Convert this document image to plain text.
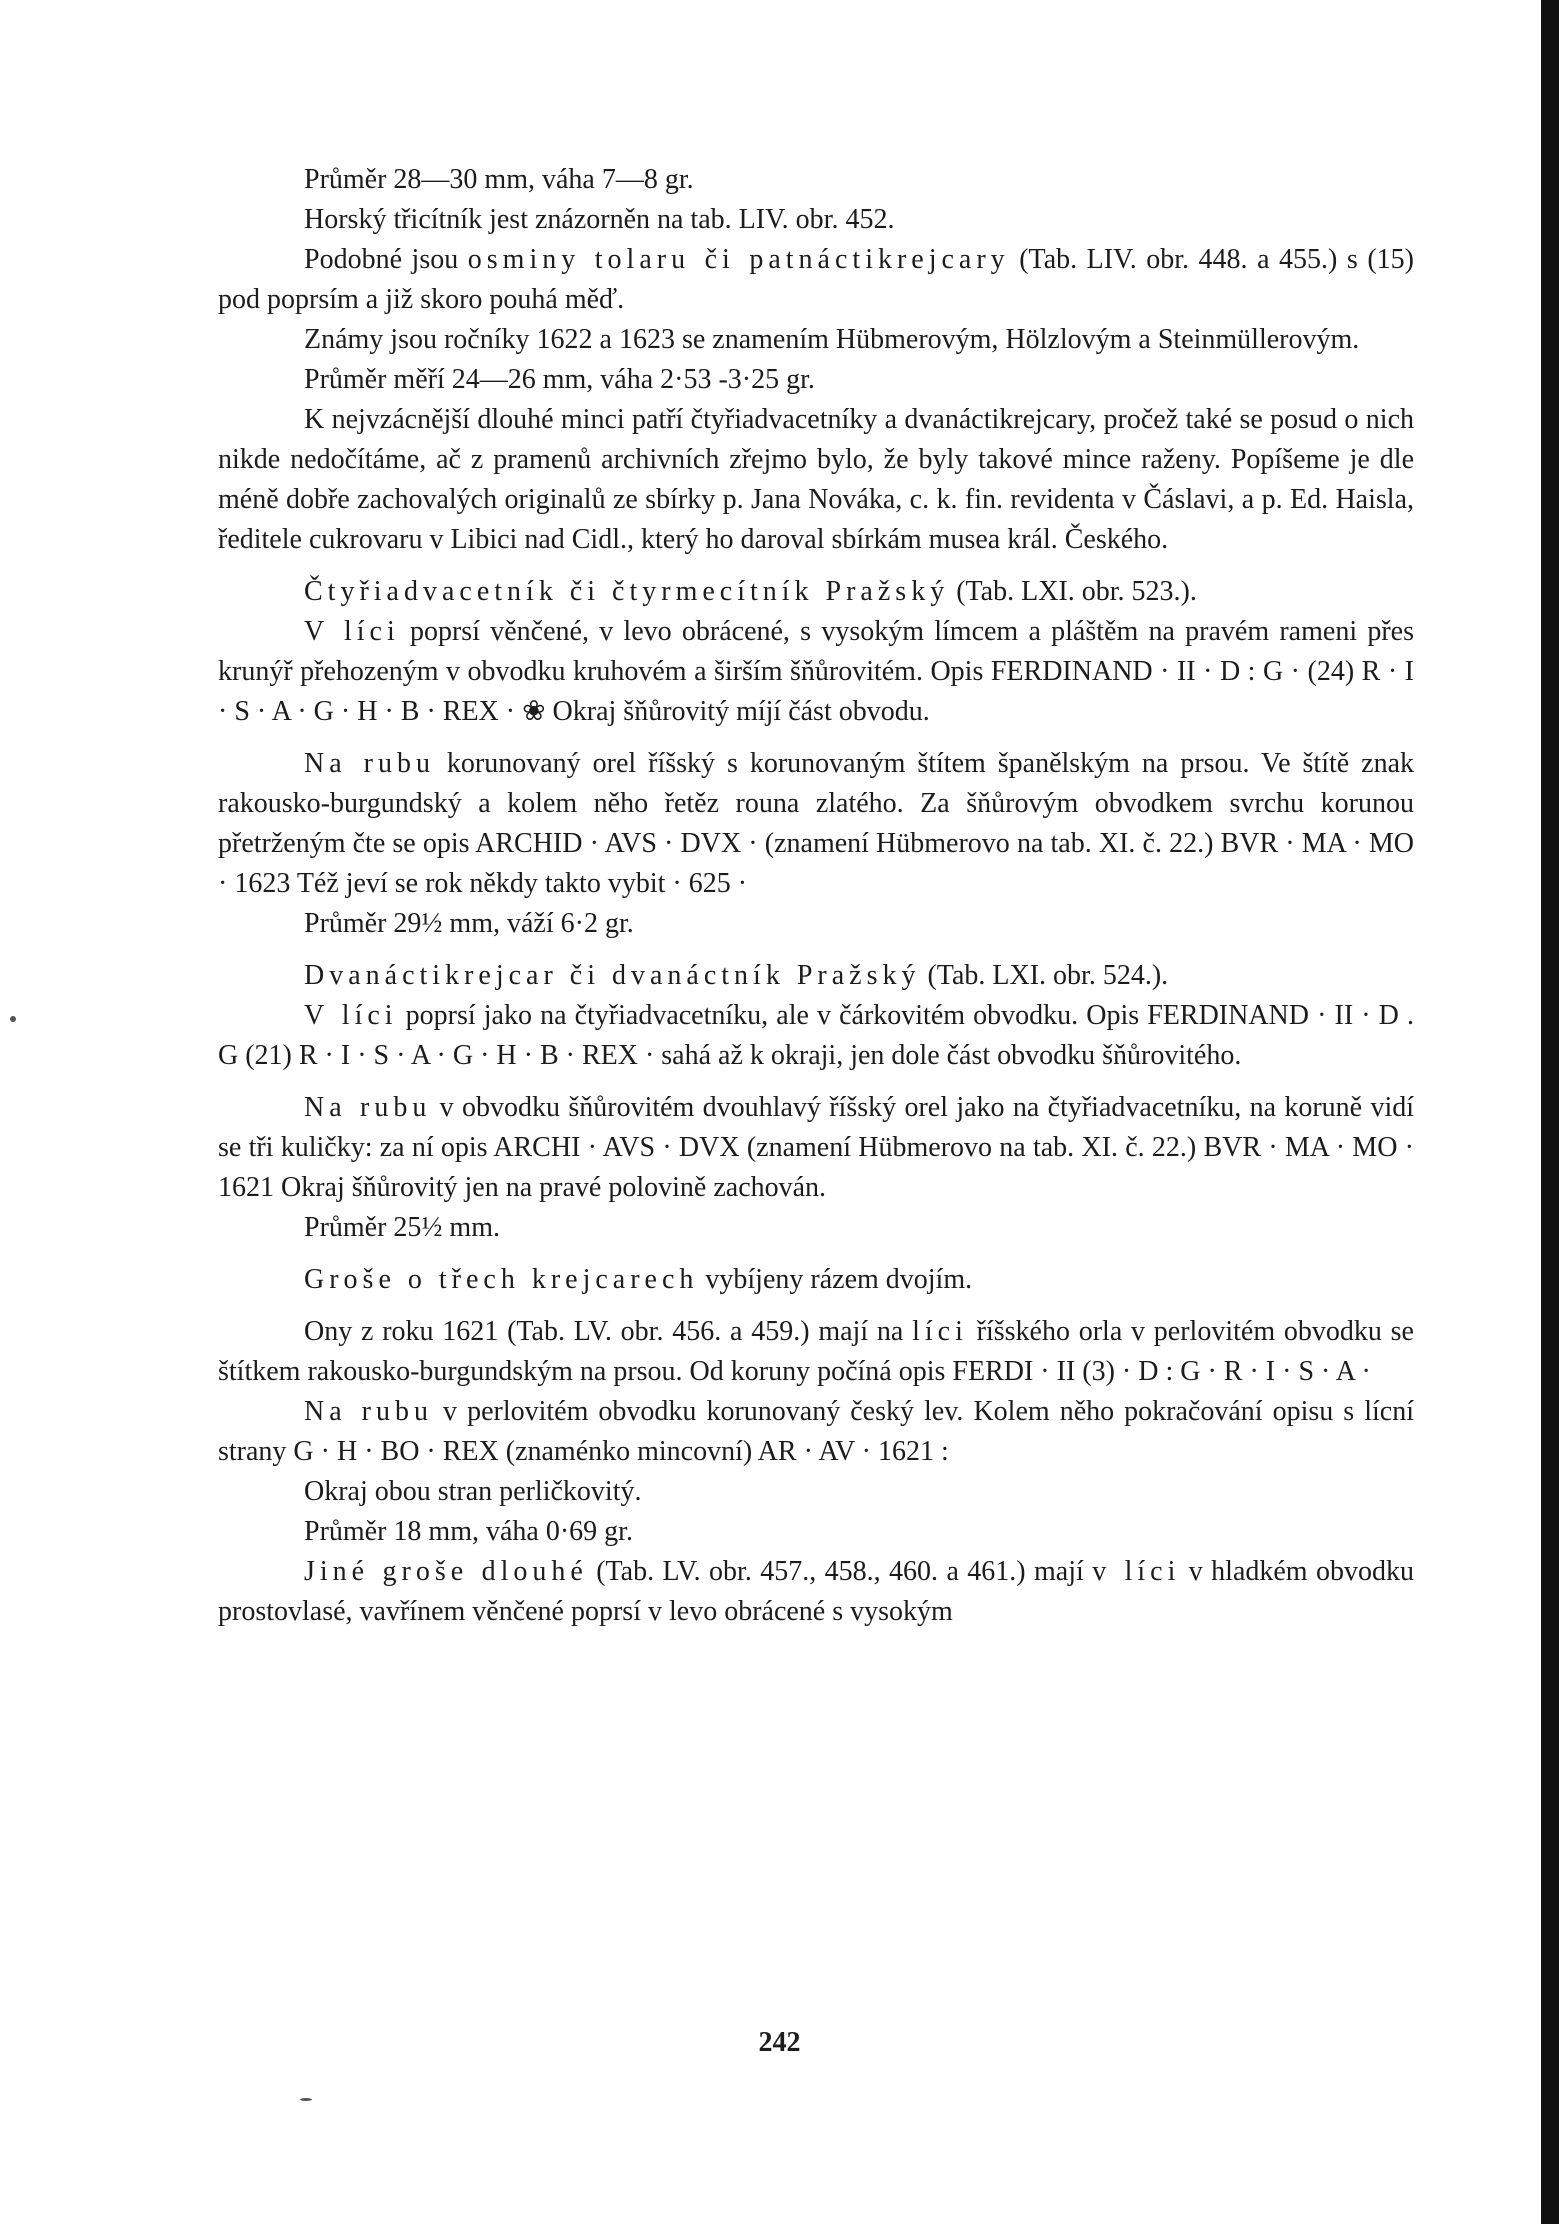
Průměr 28—30 mm, váha 7—8 gr.

Horský třicítník jest znázorněn na tab. LIV. obr. 452.

Podobné jsou osminy tolaru či patnáctikrejcary (Tab. LIV. obr. 448. a 455.) s (15) pod poprsím a již skoro pouhá měď.

Známy jsou ročníky 1622 a 1623 se znamením Hübmerovým, Hölzlovým a Steinmüllerovým.

Průměr měří 24—26 mm, váha 2·53 -3·25 gr.

K nejvzácnější dlouhé minci patří čtyřiadvacetníky a dvanáctikrejcary, pročež také se posud o nich nikde nedočítáme, ač z pramenů archivních zřejmo bylo, že byly takové mince raženy. Popíšeme je dle méně dobře zachovalých originalů ze sbírky p. Jana Nováka, c. k. fin. revidenta v Čáslavi, a p. Ed. Haisla, ředitele cukrovaru v Libici nad Cidl., který ho daroval sbírkám musea král. Českého.

Čtyřiadvacetník či čtyrmecítník Pražský (Tab. LXI. obr. 523.).

V líci poprsí věnčené, v levo obrácené, s vysokým límcem a pláštěm na pravém rameni přes krunýř přehozeným v obvodku kruhovém a širším šňůrovitém. Opis FERDINAND · II · D : G · (24) R · I · S · A · G · H · B · REX · ❀ Okraj šňůrovitý míjí část obvodu.

Na rubu korunovaný orel říšský s korunovaným štítem španělským na prsou. Ve štítě znak rakousko-burgundský a kolem něho řetěz rouna zlatého. Za šňůrovým obvodkem svrchu korunou přetrženým čte se opis ARCHID · AVS · DVX · (znamení Hübmerovo na tab. XI. č. 22.) BVR · MA · MO · 1623 Též jeví se rok někdy takto vybit · 625 ·

Průměr 29½ mm, váží 6·2 gr.

Dvanáctikrejcar či dvanáctník Pražský (Tab. LXI. obr. 524.).

V líci poprsí jako na čtyřiadvacetníku, ale v čárkovitém obvodku. Opis FERDINAND · II · D . G (21) R · I · S · A · G · H · B · REX · sahá až k okraji, jen dole část obvodku šňůrovitého.

Na rubu v obvodku šňůrovitém dvouhlavý říšský orel jako na čtyřiadvacetníku, na koruně vidí se tři kuličky: za ní opis ARCHI · AVS · DVX (znamení Hübmerovo na tab. XI. č. 22.) BVR · MA · MO · 1621 Okraj šňůrovitý jen na pravé polovině zachován.

Průměr 25½ mm.

Groše o třech krejcarech vybíjeny rázem dvojím.

Ony z roku 1621 (Tab. LV. obr. 456. a 459.) mají na líci říšského orla v perlovitém obvodku se štítkem rakousko-burgundským na prsou. Od koruny počíná opis FERDI · II (3) · D : G · R · I · S · A ·

Na rubu v perlovitém obvodku korunovaný český lev. Kolem něho pokračování opisu s lícní strany G · H · BO · REX (znaménko mincovní) AR · AV · 1621 :

Okraj obou stran perličkovitý.

Průměr 18 mm, váha 0·69 gr.

Jiné groše dlouhé (Tab. LV. obr. 457., 458., 460. a 461.) mají v líci v hladkém obvodku prostovlasé, vavřínem věnčené poprsí v levo obrácené s vysokým

242
